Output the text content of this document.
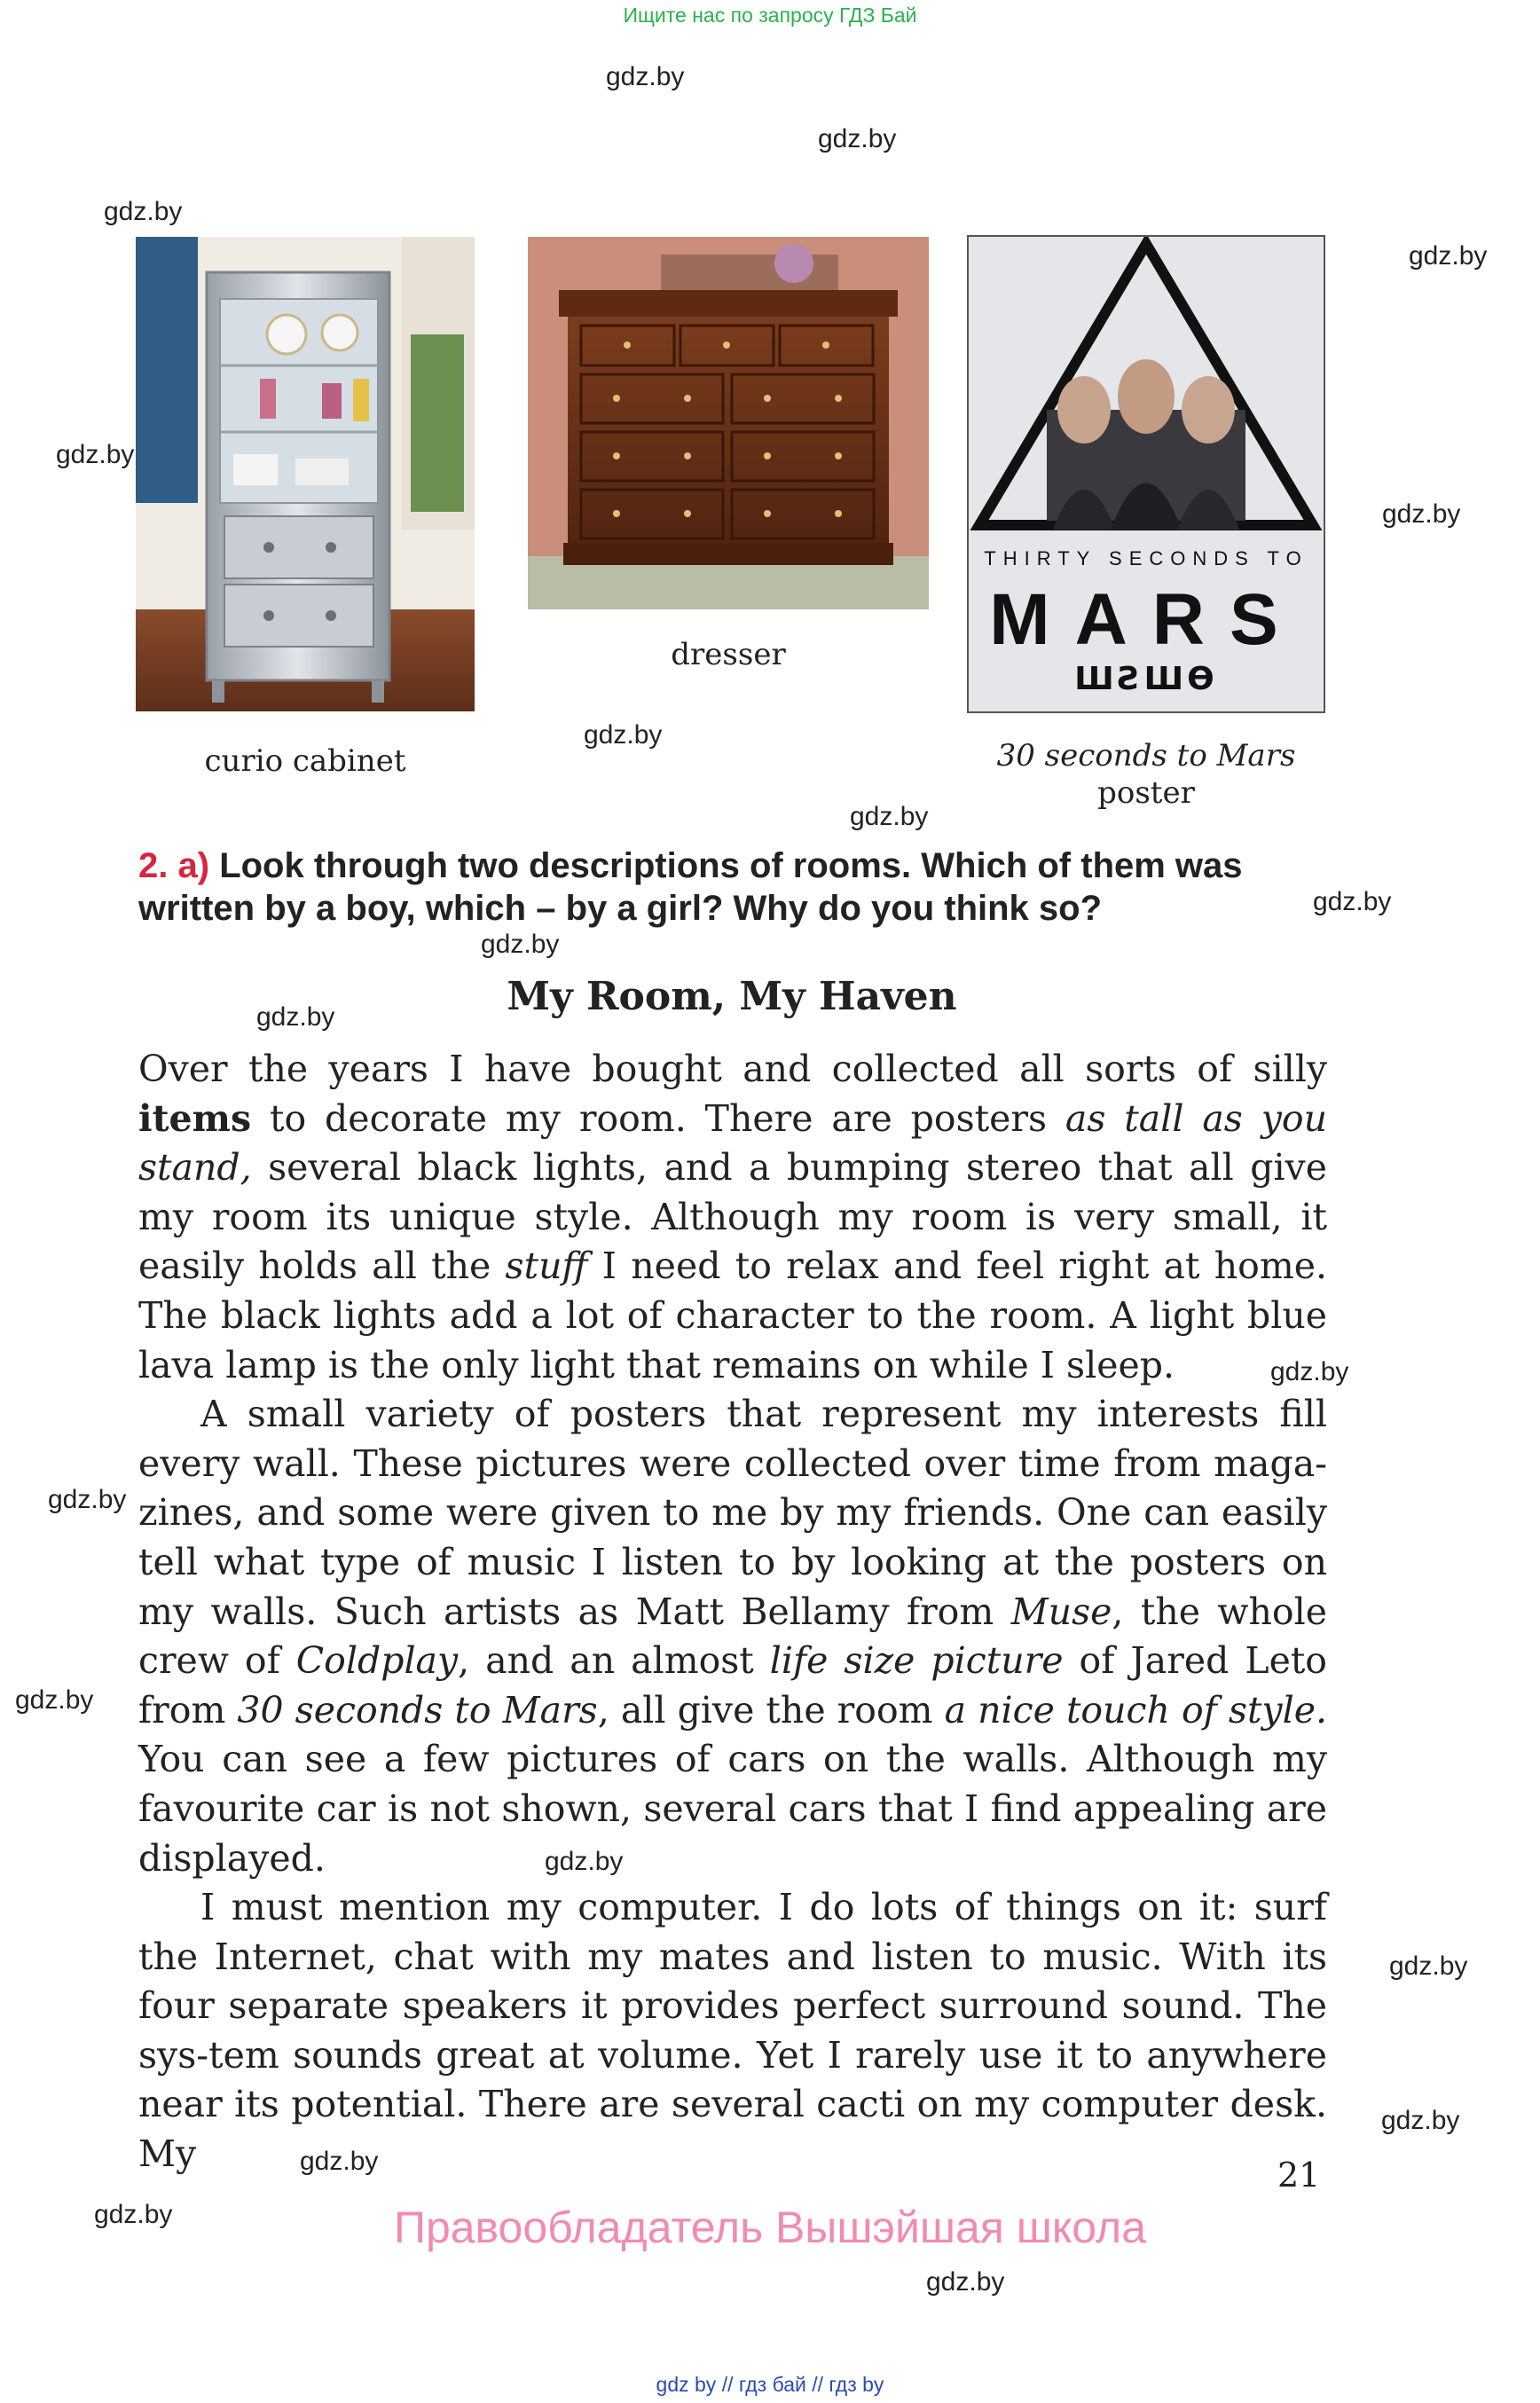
Ищите нас по запросу ГДЗ Бай
gdz.by
gdz.by
gdz.by
gdz.by
gdz.by
gdz.by
gdz.by
gdz.by
gdz.by
gdz.by
gdz.by
gdz.by
gdz.by
gdz.by
gdz.by
gdz.by
gdz.by
gdz.by
gdz.by
gdz.by
curio cabinet
dresser
THIRTY SECONDS TO
MARS
ШƧШƟ
30 seconds to Mars
poster
2. a) Look through two descriptions of rooms. Which of them was written by a boy, which – by a girl? Why do you think so?
My Room, My Haven

Over the years I have bought and collected all sorts of silly items to decorate my room. There are posters as tall as you stand, several black lights, and a bumping stereo that all give my room its unique style. Although my room is very small, it easily holds all the stuff I need to relax and feel right at home. The black lights add a lot of character to the room. A light blue lava lamp is the only light that remains on while I sleep.

A small variety of posters that represent my interests fill every wall. These pictures were collected over time from maga-zines, and some were given to me by my friends. One can easily tell what type of music I listen to by looking at the posters on my walls. Such artists as Matt Bellamy from Muse, the whole crew of Coldplay, and an almost life size picture of Jared Leto from 30 seconds to Mars, all give the room a nice touch of style. You can see a few pictures of cars on the walls. Although my favourite car is not shown, several cars that I find appealing are displayed.

I must mention my computer. I do lots of things on it: surf the Internet, chat with my mates and listen to music. With its four separate speakers it provides perfect surround sound. The sys-tem sounds great at volume. Yet I rarely use it to anywhere near its potential. There are several cacti on my computer desk. My	21
Правообладатель Вышэйшая школа
gdz by // гдз бай // гдз by
